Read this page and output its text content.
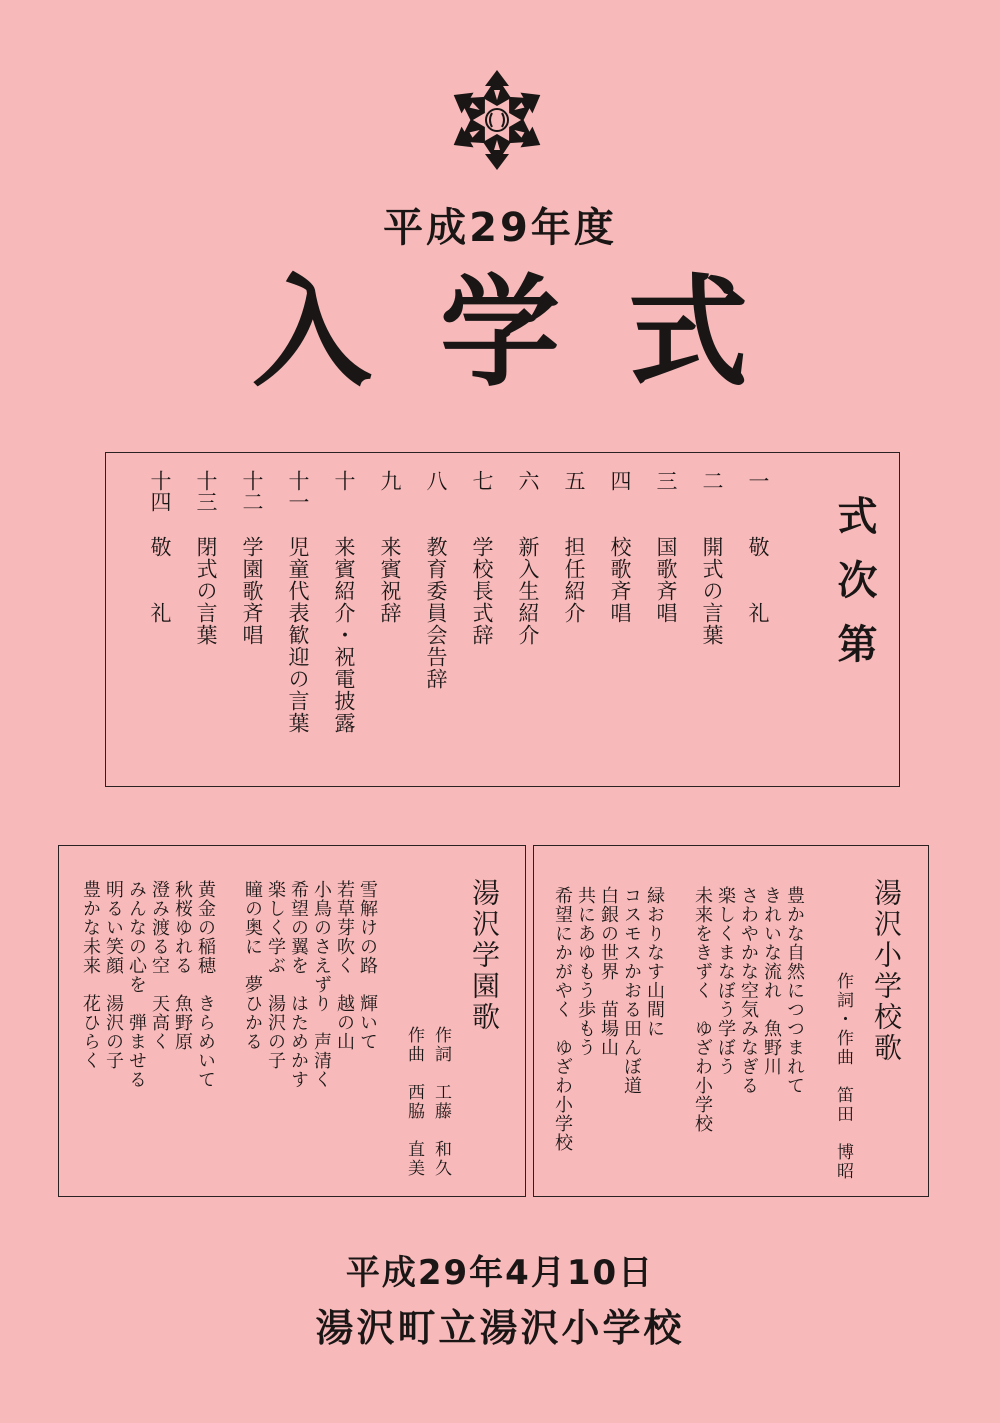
平成29年度
入学式
式次第
一
敬　　礼
二
開式の言葉
三
国歌斉唱
四
校歌斉唱
五
担任紹介
六
新入生紹介
七
学校長式辞
八
教育委員会告辞
九
来賓祝辞
十
来賓紹介・祝電披露
十一
児童代表歓迎の言葉
十二
学園歌斉唱
十三
閉式の言葉
十四
敬　　礼
湯沢学園歌
作詞　工藤　和久
作曲　西脇　直美
雪解けの路　輝いて
若草芽吹く　越の山
小鳥のさえずり　声清く
希望の翼を　はためかす
楽しく学ぶ　湯沢の子
瞳の奥に　夢ひかる
黄金の稲穂　きらめいて
秋桜ゆれる　魚野原
澄み渡る空　天高く
みんなの心を　弾ませる
明るい笑顔　湯沢の子
豊かな未来　花ひらく	湯沢小学校歌
作詞・作曲　笛田　博昭
豊かな自然につつまれて
きれいな流れ　魚野川
さわやかな空気みなぎる
未来をきずく　ゆざわ小学校 楽しくまなぼう学ぼう
緑おりなす山間に
コスモスかおる田んぼ道
白銀の世界　苗場山
共にあゆもう歩もう
希望にかがやく　ゆざわ小学校
平成29年4月10日
湯沢町立湯沢小学校
